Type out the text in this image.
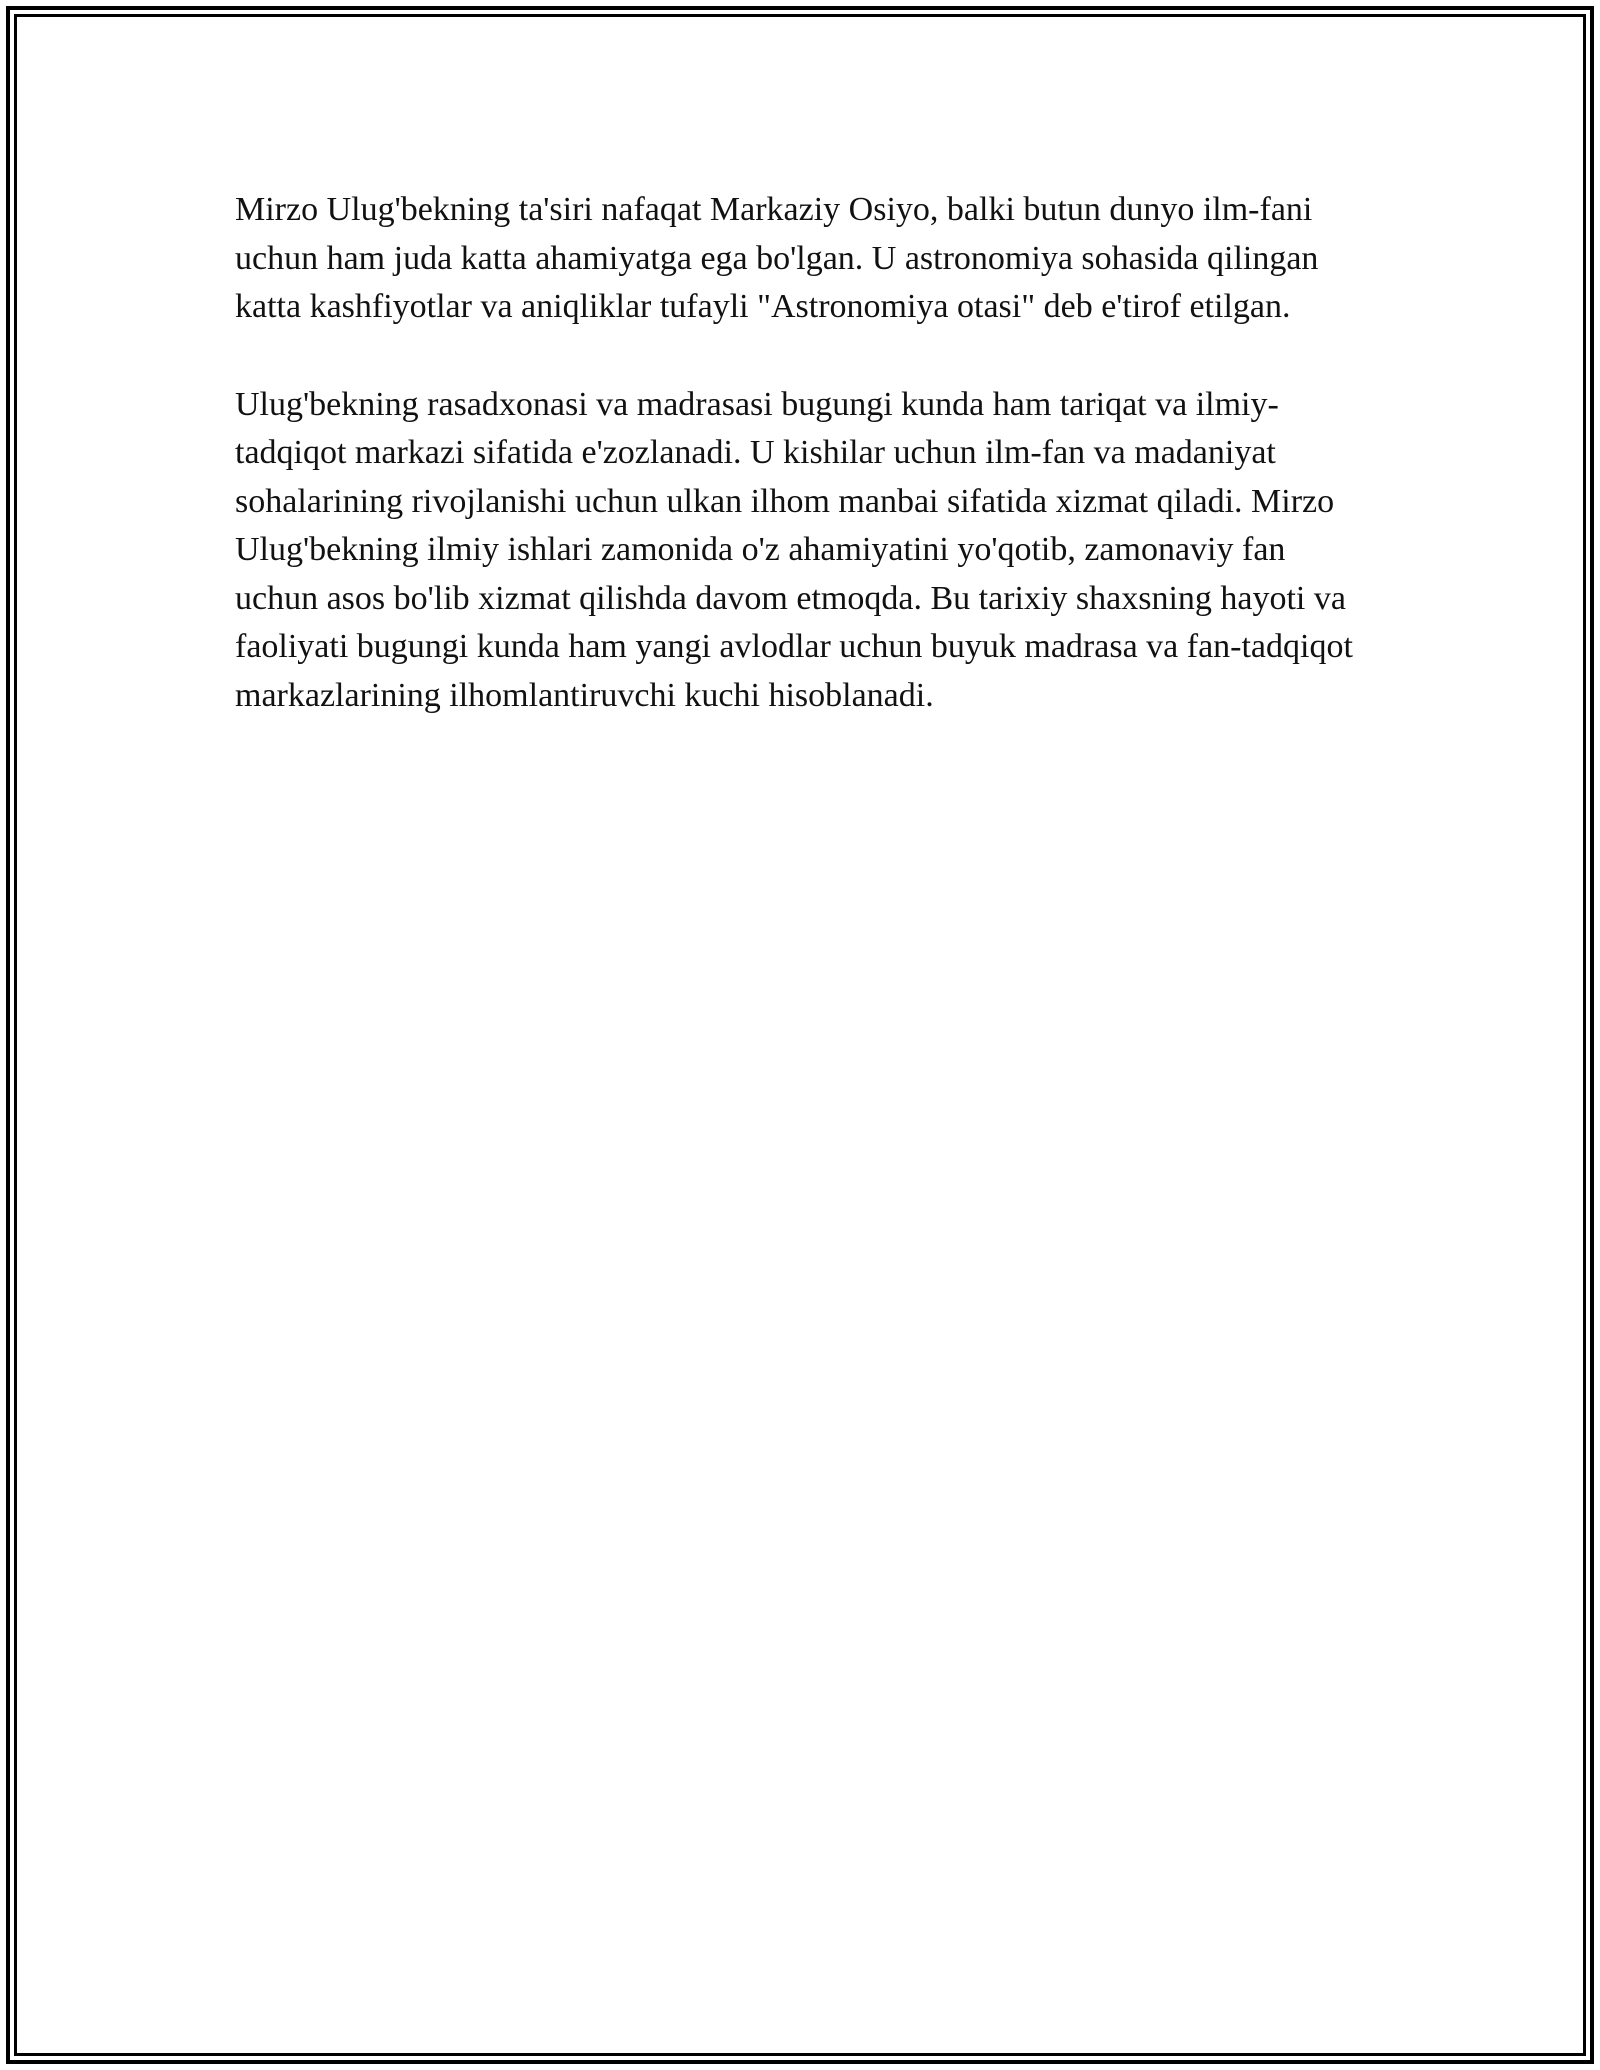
Mirzo Ulug'bekning ta'siri nafaqat Markaziy Osiyo, balki butun dunyo ilm-fani uchun ham juda katta ahamiyatga ega bo'lgan. U astronomiya sohasida qilingan katta kashfiyotlar va aniqliklar tufayli "Astronomiya otasi" deb e'tirof etilgan.

Ulug'bekning rasadxonasi va madrasasi bugungi kunda ham tariqat va ilmiy-tadqiqot markazi sifatida e'zozlanadi. U kishilar uchun ilm-fan va madaniyat sohalarining rivojlanishi uchun ulkan ilhom manbai sifatida xizmat qiladi. Mirzo Ulug'bekning ilmiy ishlari zamonida o'z ahamiyatini yo'qotib, zamonaviy fan uchun asos bo'lib xizmat qilishda davom etmoqda. Bu tarixiy shaxsning hayoti va faoliyati bugungi kunda ham yangi avlodlar uchun buyuk madrasa va fan-tadqiqot markazlarining ilhomlantiruvchi kuchi hisoblanadi.
